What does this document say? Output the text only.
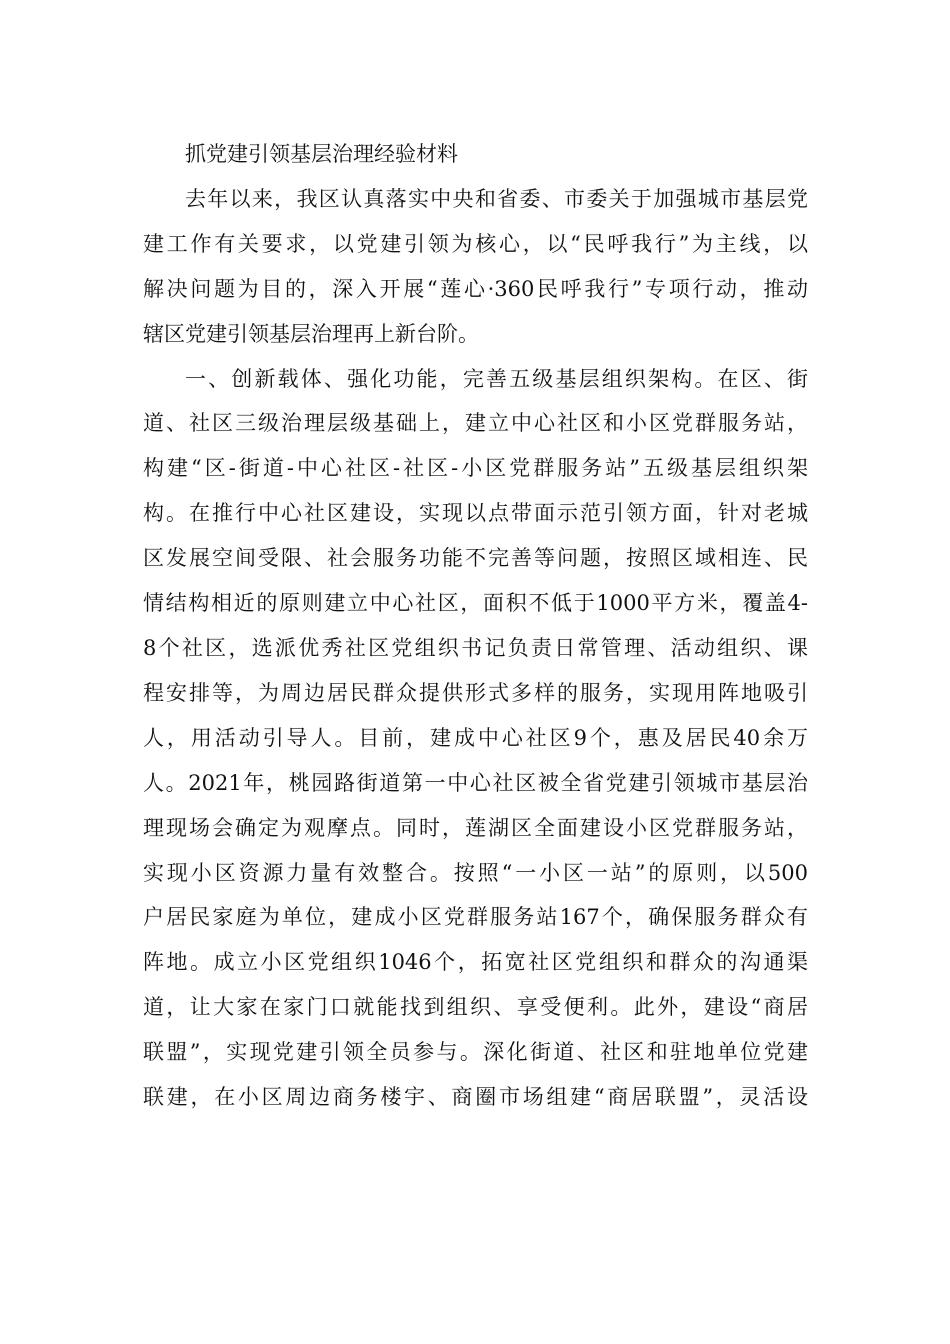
抓党建引领基层治理经验材料
去年以来，我区认真落实中央和省委、市委关于加强城市基层党
建工作有关要求，以党建引领为核心，以“民呼我行”为主线，以
解决问题为目的，深入开展“莲心·360民呼我行”专项行动，推动
辖区党建引领基层治理再上新台阶。
一、创新载体、强化功能，完善五级基层组织架构。在区、街
道、社区三级治理层级基础上，建立中心社区和小区党群服务站，
构建“区-街道-中心社区-社区-小区党群服务站”五级基层组织架
构。在推行中心社区建设，实现以点带面示范引领方面，针对老城
区发展空间受限、社会服务功能不完善等问题，按照区域相连、民
情结构相近的原则建立中心社区，面积不低于1000平方米，覆盖4-
8个社区，选派优秀社区党组织书记负责日常管理、活动组织、课
程安排等，为周边居民群众提供形式多样的服务，实现用阵地吸引
人，用活动引导人。目前，建成中心社区9个，惠及居民40余万
人。2021年，桃园路街道第一中心社区被全省党建引领城市基层治
理现场会确定为观摩点。同时，莲湖区全面建设小区党群服务站，
实现小区资源力量有效整合。按照“一小区一站”的原则，以500
户居民家庭为单位，建成小区党群服务站167个，确保服务群众有
阵地。成立小区党组织1046个，拓宽社区党组织和群众的沟通渠
道，让大家在家门口就能找到组织、享受便利。此外，建设“商居
联盟”，实现党建引领全员参与。深化街道、社区和驻地单位党建
联建，在小区周边商务楼宇、商圈市场组建“商居联盟”，灵活设
